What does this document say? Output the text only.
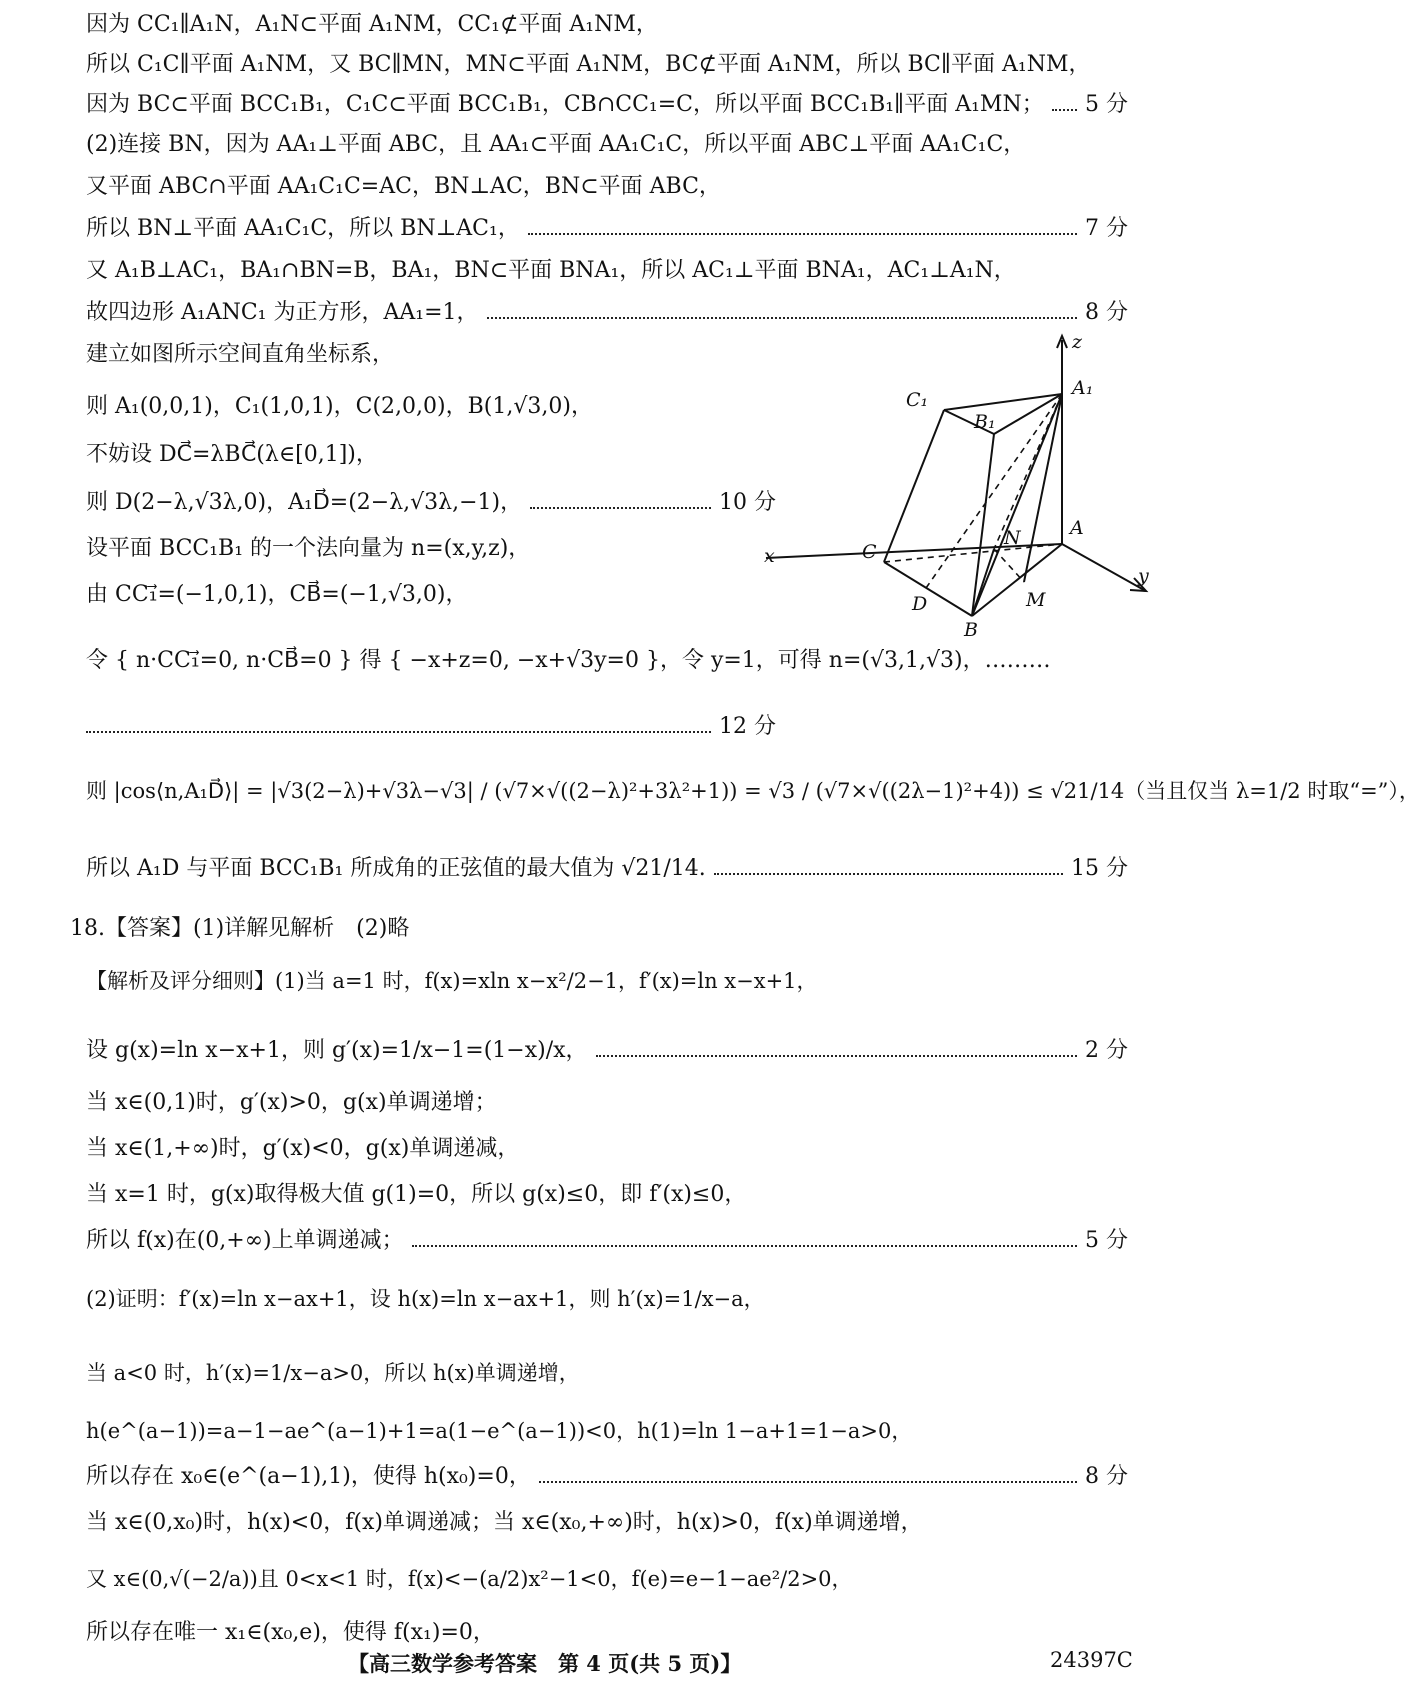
因为 CC₁∥A₁N，A₁N⊂平面 A₁NM，CC₁⊄平面 A₁NM，
所以 C₁C∥平面 A₁NM，又 BC∥MN，MN⊂平面 A₁NM，BC⊄平面 A₁NM，所以 BC∥平面 A₁NM，
因为 BC⊂平面 BCC₁B₁，C₁C⊂平面 BCC₁B₁，CB∩CC₁=C，所以平面 BCC₁B₁∥平面 A₁MN； 5 分
(2)连接 BN，因为 AA₁⊥平面 ABC，且 AA₁⊂平面 AA₁C₁C，所以平面 ABC⊥平面 AA₁C₁C，
又平面 ABC∩平面 AA₁C₁C=AC，BN⊥AC，BN⊂平面 ABC，
所以 BN⊥平面 AA₁C₁C，所以 BN⊥AC₁，	7 分
又 A₁B⊥AC₁，BA₁∩BN=B，BA₁，BN⊂平面 BNA₁，所以 AC₁⊥平面 BNA₁，AC₁⊥A₁N，
故四边形 A₁ANC₁ 为正方形，AA₁=1，	8 分
建立如图所示空间直角坐标系，
则 A₁(0,0,1)，C₁(1,0,1)，C(2,0,0)，B(1,√3,0)，
不妨设 DC⃗=λBC⃗(λ∈[0,1])，
则 D(2−λ,√3λ,0)，A₁D⃗=(2−λ,√3λ,−1)，	10 分
设平面 BCC₁B₁ 的一个法向量为 n=(x,y,z)，
由 CC₁⃗=(−1,0,1)，CB⃗=(−1,√3,0)，
令 { n·CC₁⃗=0, n·CB⃗=0 } 得 { −x+z=0, −x+√3y=0 }，令 y=1，可得 n=(√3,1,√3)，………
12 分
则 |cos⟨n,A₁D⃗⟩| = |√3(2−λ)+√3λ−√3| / (√7×√((2−λ)²+3λ²+1)) = √3 / (√7×√((2λ−1)²+4)) ≤ √21/14（当且仅当 λ=1/2 时取“=”），
所以 A₁D 与平面 BCC₁B₁ 所成角的正弦值的最大值为 √21/14.	15 分
z
A₁
C₁
B₁
N	A
C
x
D	M
B
y
18.【答案】(1)详解见解析　(2)略
【解析及评分细则】(1)当 a=1 时，f(x)=xln x−x²/2−1，f′(x)=ln x−x+1，
设 g(x)=ln x−x+1，则 g′(x)=1/x−1=(1−x)/x，	2 分
当 x∈(0,1)时，g′(x)>0，g(x)单调递增；
当 x∈(1,+∞)时，g′(x)<0，g(x)单调递减，
当 x=1 时，g(x)取得极大值 g(1)=0，所以 g(x)≤0，即 f′(x)≤0，
所以 f(x)在(0,+∞)上单调递减；	5 分
(2)证明：f′(x)=ln x−ax+1，设 h(x)=ln x−ax+1，则 h′(x)=1/x−a，
当 a<0 时，h′(x)=1/x−a>0，所以 h(x)单调递增，
h(e^(a−1))=a−1−ae^(a−1)+1=a(1−e^(a−1))<0，h(1)=ln 1−a+1=1−a>0，
所以存在 x₀∈(e^(a−1),1)，使得 h(x₀)=0，	8 分
当 x∈(0,x₀)时，h(x)<0，f(x)单调递减；当 x∈(x₀,+∞)时，h(x)>0，f(x)单调递增，
又 x∈(0,√(−2/a))且 0<x<1 时，f(x)<−(a/2)x²−1<0，f(e)=e−1−ae²/2>0，
所以存在唯一 x₁∈(x₀,e)，使得 f(x₁)=0，
【高三数学参考答案　第 4 页(共 5 页)】	24397C
